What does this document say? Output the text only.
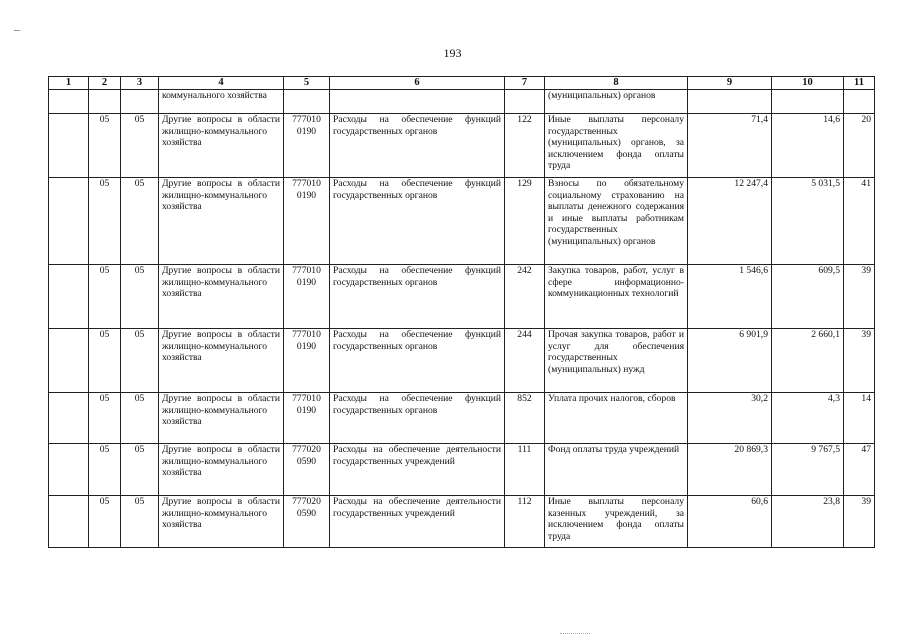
193
1	2	3	4	5	6	7	8	9	10	11
			коммунального хозяйства				(муниципальных) органов			
	05	05	Другие вопросы в области жилищно-коммунального хозяйства	777010 0190	Расходы на обеспечение функций государственных органов	122	Иные выплаты персоналу государственных (муниципальных) органов, за исключением фонда оплаты труда	71,4	14,6	20
	05	05	Другие вопросы в области жилищно-коммунального хозяйства	777010 0190	Расходы на обеспечение функций государственных органов	129	Взносы по обязательному социальному страхованию на выплаты денежного содержания и иные выплаты работникам государственных (муниципальных) органов	12 247,4	5 031,5	41
	05	05	Другие вопросы в области жилищно-коммунального хозяйства	777010 0190	Расходы на обеспечение функций государственных органов	242	Закупка товаров, работ, услуг в сфере информационно-коммуникационных технологий	1 546,6	609,5	39
	05	05	Другие вопросы в области жилищно-коммунального хозяйства	777010 0190	Расходы на обеспечение функций государственных органов	244	Прочая закупка товаров, работ и услуг для обеспечения государственных (муниципальных) нужд	6 901,9	2 660,1	39
	05	05	Другие вопросы в области жилищно-коммунального хозяйства	777010 0190	Расходы на обеспечение функций государственных органов	852	Уплата прочих налогов, сборов	30,2	4,3	14
	05	05	Другие вопросы в области жилищно-коммунального хозяйства	777020 0590	Расходы на обеспечение деятельности государственных учреждений	111	Фонд оплаты труда учреждений	20 869,3	9 767,5	47
	05	05	Другие вопросы в области жилищно-коммунального хозяйства	777020 0590	Расходы на обеспечение деятельности государственных учреждений	112	Иные выплаты персоналу казенных учреждений, за исключением фонда оплаты труда	60,6	23,8	39
